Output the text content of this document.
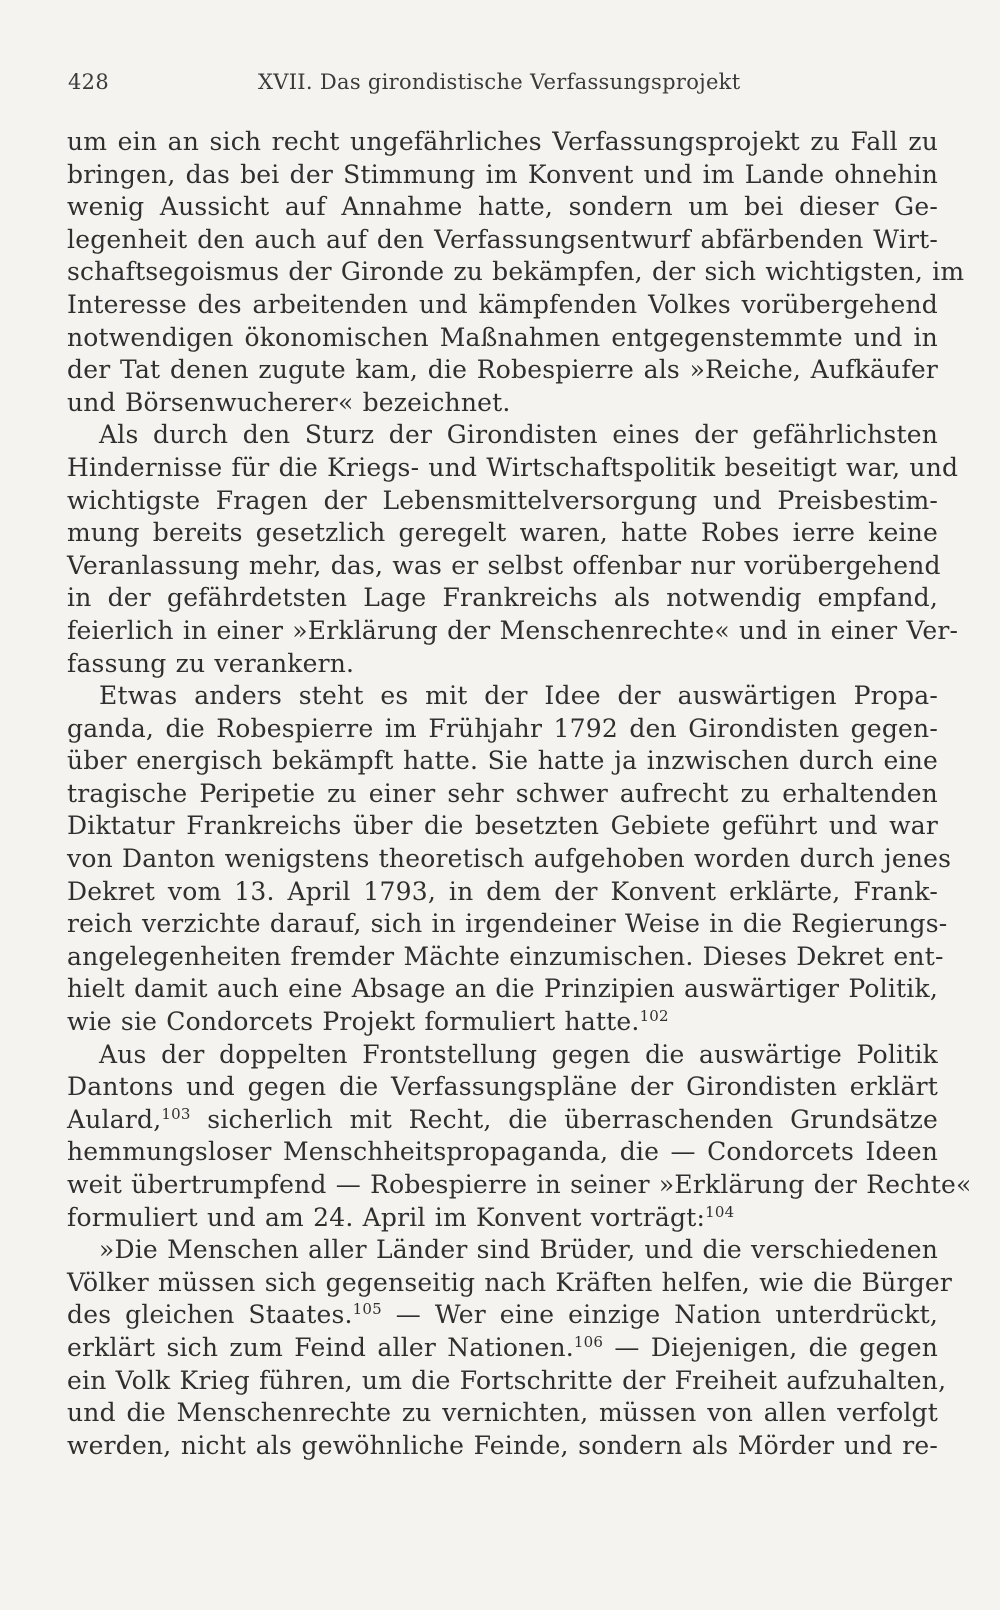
428	XVII. Das girondistische Verfassungsprojekt
um ein an sich recht ungefährliches Verfassungsprojekt zu Fall zu
bringen, das bei der Stimmung im Konvent und im Lande ohnehin
wenig Aussicht auf Annahme hatte, sondern um bei dieser Ge-
legenheit den auch auf den Verfassungsentwurf abfärbenden Wirt-
schaftsegoismus der Gironde zu bekämpfen, der sich wichtigsten, im
Interesse des arbeitenden und kämpfenden Volkes vorübergehend
notwendigen ökonomischen Maßnahmen entgegenstemmte und in
der Tat denen zugute kam, die Robespierre als »Reiche, Aufkäufer
und Börsenwucherer« bezeichnet.
Als durch den Sturz der Girondisten eines der gefährlichsten
Hindernisse für die Kriegs- und Wirtschaftspolitik beseitigt war, und
wichtigste Fragen der Lebensmittelversorgung und Preisbestim-
mung bereits gesetzlich geregelt waren, hatte Robes ierre keine
Veranlassung mehr, das, was er selbst offenbar nur vorübergehend
in der gefährdetsten Lage Frankreichs als notwendig empfand,
feierlich in einer »Erklärung der Menschenrechte« und in einer Ver-
fassung zu verankern.
Etwas anders steht es mit der Idee der auswärtigen Propa-
ganda, die Robespierre im Frühjahr 1792 den Girondisten gegen-
über energisch bekämpft hatte. Sie hatte ja inzwischen durch eine
tragische Peripetie zu einer sehr schwer aufrecht zu erhaltenden
Diktatur Frankreichs über die besetzten Gebiete geführt und war
von Danton wenigstens theoretisch aufgehoben worden durch jenes
Dekret vom 13. April 1793, in dem der Konvent erklärte, Frank-
reich verzichte darauf, sich in irgendeiner Weise in die Regierungs-
angelegenheiten fremder Mächte einzumischen. Dieses Dekret ent-
hielt damit auch eine Absage an die Prinzipien auswärtiger Politik,
wie sie Condorcets Projekt formuliert hatte.$^{102}$
Aus der doppelten Frontstellung gegen die auswärtige Politik
Dantons und gegen die Verfassungspläne der Girondisten erklärt
Aulard,$^{103}$ sicherlich mit Recht, die überraschenden Grundsätze
hemmungsloser Menschheitspropaganda, die — Condorcets Ideen
weit übertrumpfend — Robespierre in seiner »Erklärung der Rechte«
formuliert und am 24. April im Konvent vorträgt:$^{104}$
»Die Menschen aller Länder sind Brüder, und die verschiedenen
Völker müssen sich gegenseitig nach Kräften helfen, wie die Bürger
des gleichen Staates.$^{105}$ — Wer eine einzige Nation unterdrückt,
erklärt sich zum Feind aller Nationen.$^{106}$ — Diejenigen, die gegen
ein Volk Krieg führen, um die Fortschritte der Freiheit aufzuhalten,
und die Menschenrechte zu vernichten, müssen von allen verfolgt
werden, nicht als gewöhnliche Feinde, sondern als Mörder und re-
